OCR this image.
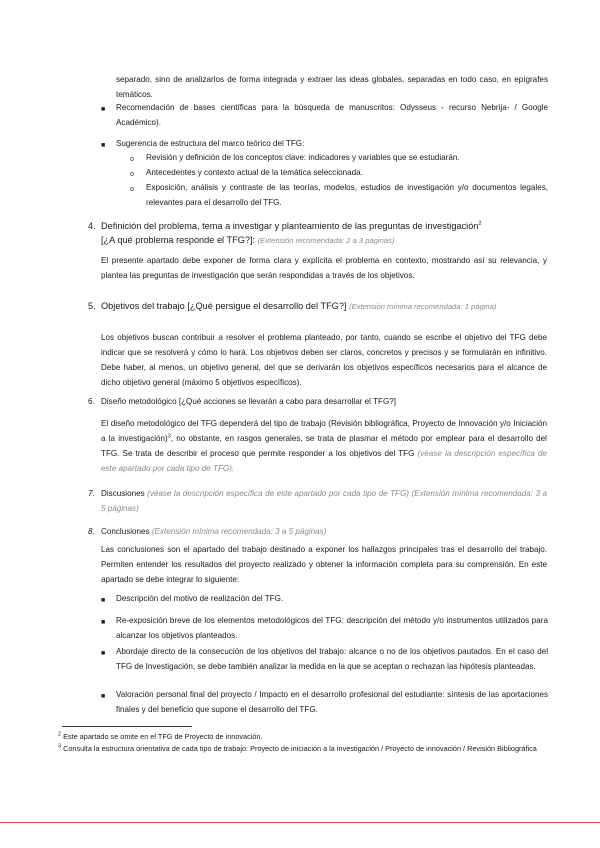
separado, sino de analizarlos de forma integrada y extraer las ideas globales, separadas en todo caso, en epígrafes temáticos.

■ Recomendación de bases científicas para la búsqueda de manuscritos: Odysseus - recurso Nebrija- / Google Académico).

■ Sugerencia de estructura del marco teórico del TFG:

o Revisión y definición de los conceptos clave: indicadores y variables que se estudiarán.

o Antecedentes y contexto actual de la temática seleccionada.

o Exposición, análisis y contraste de las teorías, modelos, estudios de investigación y/o documentos legales, relevantes para el desarrollo del TFG.

4. Definición del problema, tema a investigar y planteamiento de las preguntas de investigación$^2$
[¿A qué problema responde el TFG?]: (Extensión recomendada: 2 a 3 páginas)

El presente apartado debe exponer de forma clara y explícita el problema en contexto, mostrando así su relevancia, y plantea las preguntas de investigación que serán respondidas a través de los objetivos.

5. Objetivos del trabajo [¿Qué persigue el desarrollo del TFG?] (Extensión mínima recomendada: 1 página)

Los objetivos buscan contribuir a resolver el problema planteado, por tanto, cuando se escribe el objetivo del TFG debe indicar que se resolverá y cómo lo hará. Los objetivos deben ser claros, concretos y precisos y se formularán en infinitivo. Debe haber, al menos, un objetivo general, del que se derivarán los objetivos específicos necesarios para el alcance de dicho objetivo general (máximo 5 objetivos específicos).

6. Diseño metodológico [¿Qué acciones se llevarán a cabo para desarrollar el TFG?]

El diseño metodológico del TFG dependerá del tipo de trabajo (Revisión bibliográfica, Proyecto de Innovación y/o Iniciación a la investigación)$^3$, no obstante, en rasgos generales, se trata de plasmar el método por emplear para el desarrollo del TFG. Se trata de describir el proceso que permite responder a los objetivos del TFG (véase la descripción específica de este apartado por cada tipo de TFG).

7. Discusiones (véase la descripción específica de este apartado por cada tipo de TFG) (Extensión mínima recomendada: 3 a 5 páginas)

8. Conclusiones (Extensión mínima recomendada: 3 a 5 páginas)

Las conclusiones son el apartado del trabajo destinado a exponer los hallazgos principales tras el desarrollo del trabajo. Permiten entender los resultados del proyecto realizado y obtener la información completa para su comprensión. En este apartado se debe integrar lo siguiente:

■ Descripción del motivo de realización del TFG.

■ Re-exposición breve de los elementos metodológicos del TFG: descripción del método y/o instrumentos utilizados para alcanzar los objetivos planteados.

■ Abordaje directo de la consecución de los objetivos del trabajo: alcance o no de los objetivos pautados. En el caso del TFG de Investigación, se debe también analizar la medida en la que se aceptan o rechazan las hipótesis planteadas.

■ Valoración personal final del proyecto / Impacto en el desarrollo profesional del estudiante: síntesis de las aportaciones finales y del beneficio que supone el desarrollo del TFG.

$^2$ Este apartado se omite en el TFG de Proyecto de innovación.
$^3$ Consulta la estructura orientativa de cada tipo de trabajo: Proyecto de iniciación a la investigación / Proyecto de innovación / Revisión Bibliográfica
